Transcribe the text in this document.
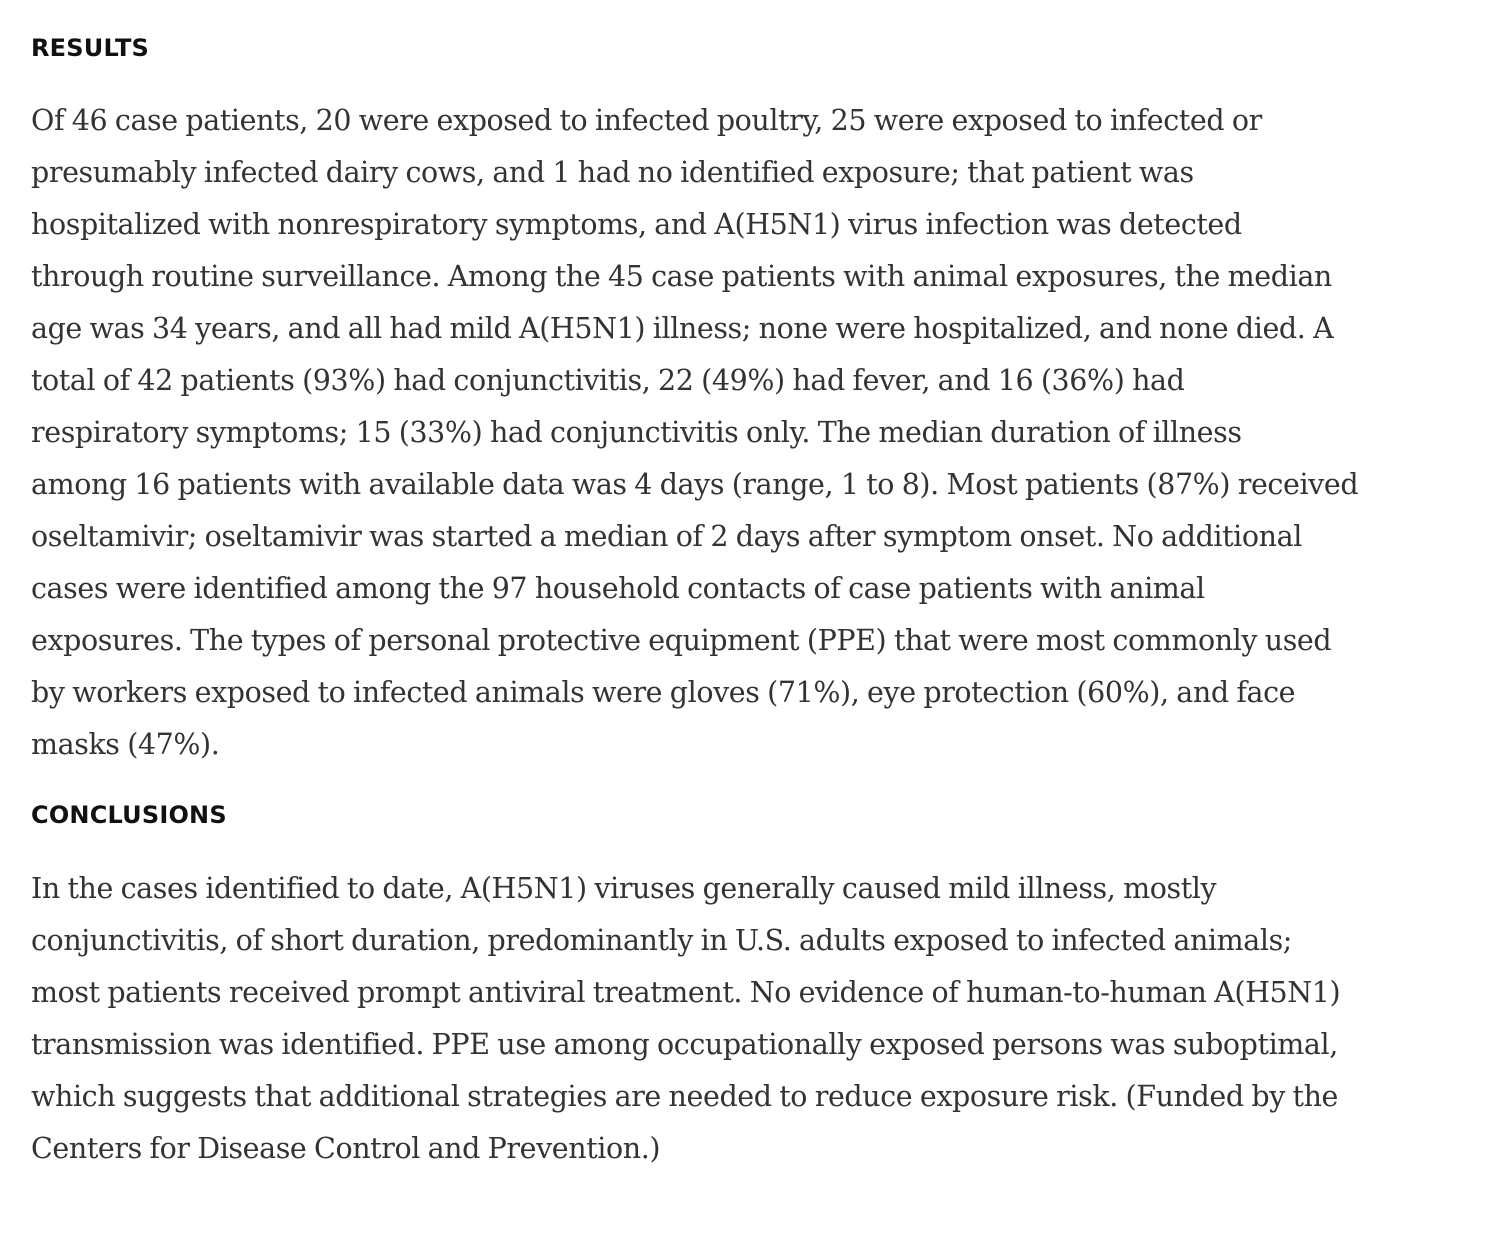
RESULTS

Of 46 case patients, 20 were exposed to infected poultry, 25 were exposed to infected or
presumably infected dairy cows, and 1 had no identified exposure; that patient was
hospitalized with nonrespiratory symptoms, and A(H5N1) virus infection was detected
through routine surveillance. Among the 45 case patients with animal exposures, the median
age was 34 years, and all had mild A(H5N1) illness; none were hospitalized, and none died. A
total of 42 patients (93%) had conjunctivitis, 22 (49%) had fever, and 16 (36%) had
respiratory symptoms; 15 (33%) had conjunctivitis only. The median duration of illness
among 16 patients with available data was 4 days (range, 1 to 8). Most patients (87%) received
oseltamivir; oseltamivir was started a median of 2 days after symptom onset. No additional
cases were identified among the 97 household contacts of case patients with animal
exposures. The types of personal protective equipment (PPE) that were most commonly used
by workers exposed to infected animals were gloves (71%), eye protection (60%), and face
masks (47%).

CONCLUSIONS

In the cases identified to date, A(H5N1) viruses generally caused mild illness, mostly
conjunctivitis, of short duration, predominantly in U.S. adults exposed to infected animals;
most patients received prompt antiviral treatment. No evidence of human-to-human A(H5N1)
transmission was identified. PPE use among occupationally exposed persons was suboptimal,
which suggests that additional strategies are needed to reduce exposure risk. (Funded by the
Centers for Disease Control and Prevention.)
